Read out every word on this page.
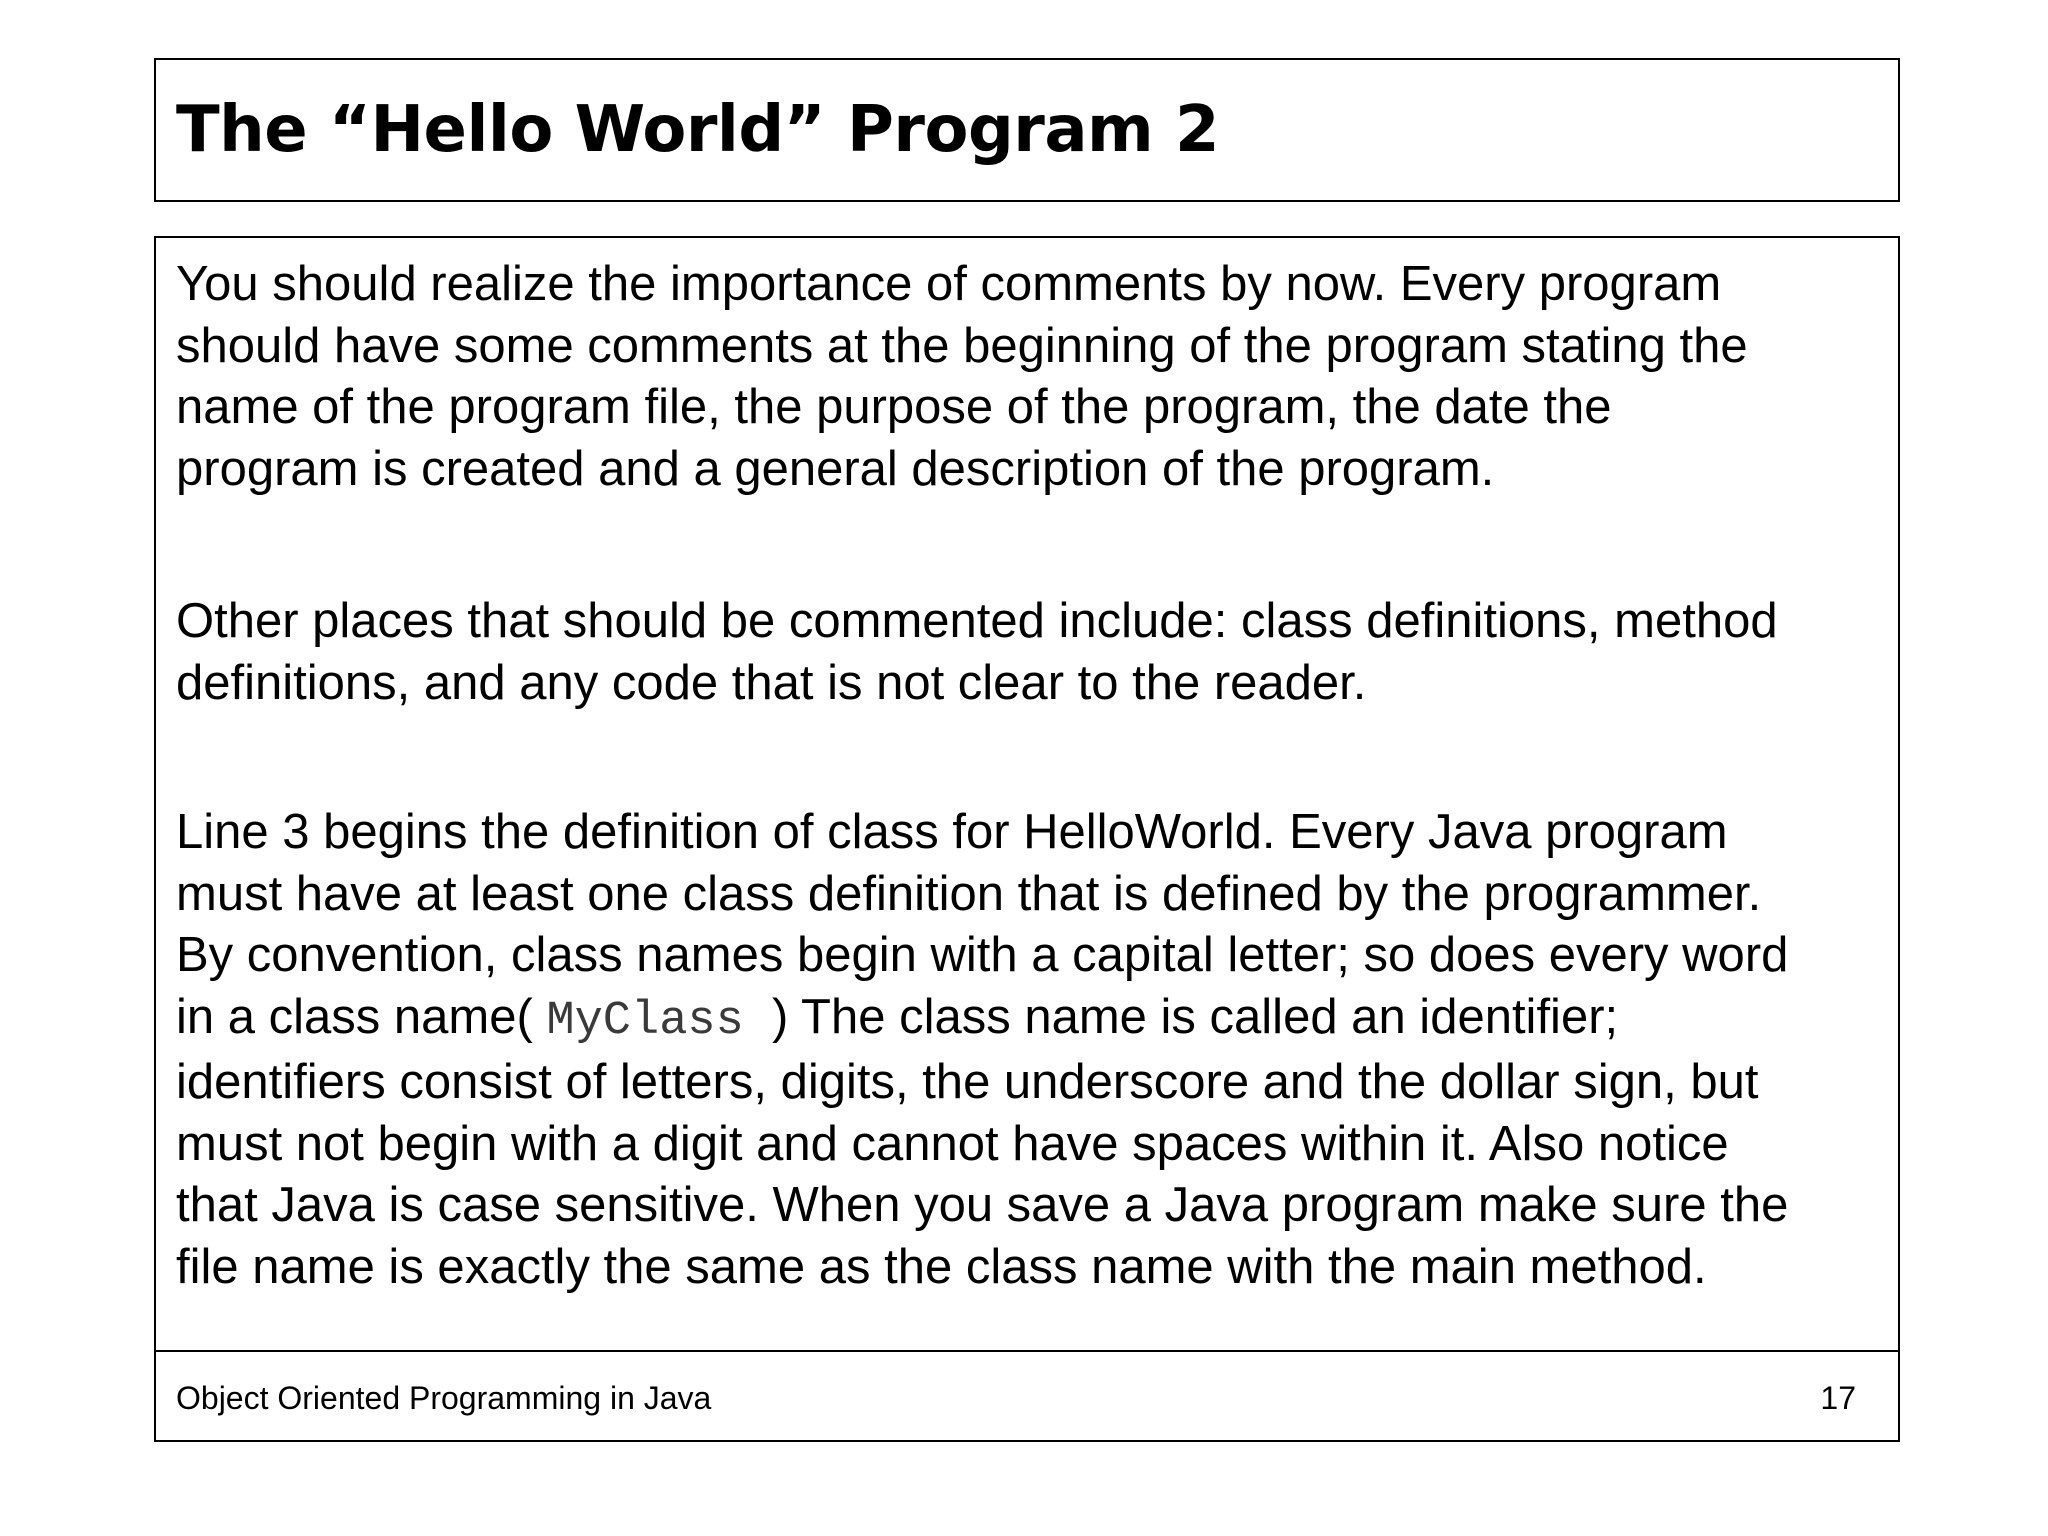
The “Hello World” Program 2

You should realize the importance of comments by now. Every program
should have some comments at the beginning of the program stating the
name of the program file, the purpose of the program, the date the
program is created and a general description of the program.

Other places that should be commented include: class definitions, method
definitions, and any code that is not clear to the reader.

Line 3 begins the definition of class for HelloWorld. Every Java program
must have at least one class definition that is defined by the programmer.
By convention, class names begin with a capital letter; so does every word
in a class name( MyClass ) The class name is called an identifier;
identifiers consist of letters, digits, the underscore and the dollar sign, but
must not begin with a digit and cannot have spaces within it. Also notice
that Java is case sensitive. When you save a Java program make sure the
file name is exactly the same as the class name with the main method.

Object Oriented Programming in Java	17
